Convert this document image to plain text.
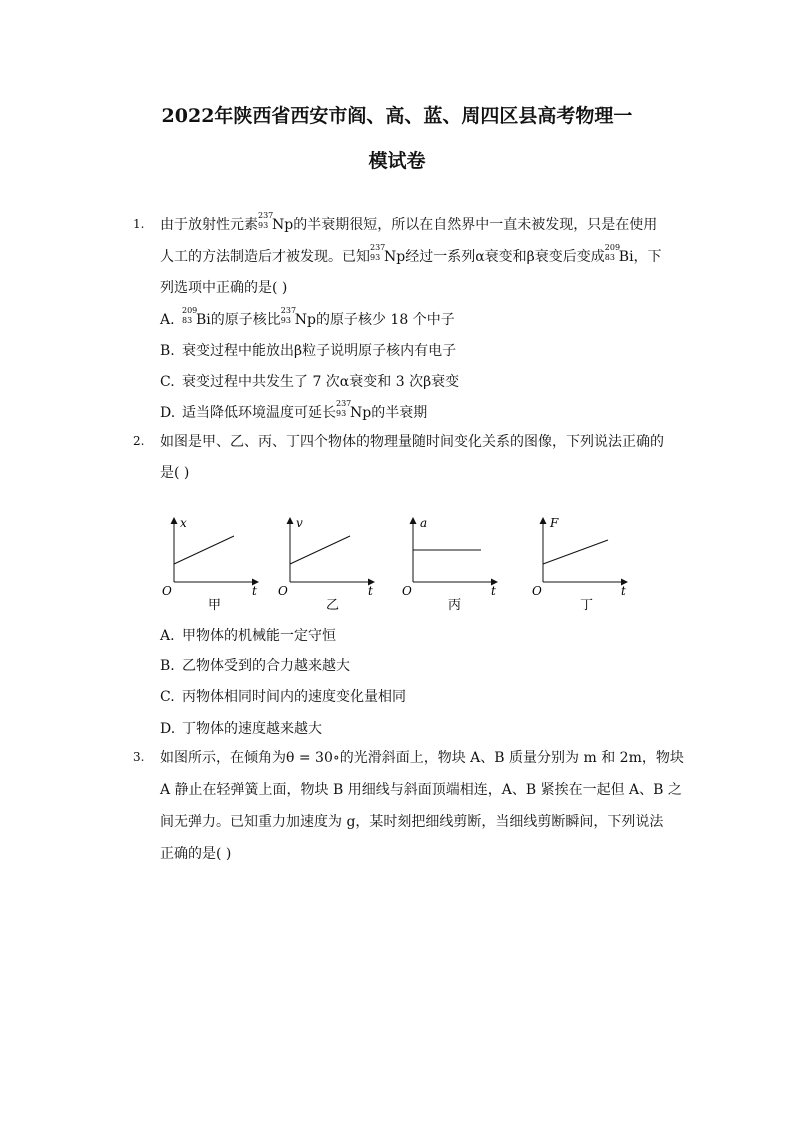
2022年陕西省西安市阎、高、蓝、周四区县高考物理一
模试卷
1. 由于放射性元素
237
93 Np的半衰期很短，所以在自然界中一直未被发现，只是在使用
人工的方法制造后才被发现。已知
237
93 Np经过一系列α衰变和β衰变后变成
209
83 Bi，下
列选项中正确的是( )
A.
209
83 Bi的原子核比
237
93 Np的原子核少 18 个中子
B. 衰变过程中能放出β粒子说明原子核内有电子
C. 衰变过程中共发生了 7 次α衰变和 3 次β衰变
D. 适当降低环境温度可延长
237
93 Np的半衰期
2. 如图是甲、乙、丙、丁四个物体的物理量随时间变化关系的图像，下列说法正确的
是( )
x
O	t
甲
v
O	t
乙
a
O	t
丙
F
O	t
丁
A. 甲物体的机械能一定守恒
B. 乙物体受到的合力越来越大
C. 丙物体相同时间内的速度变化量相同
D. 丁物体的速度越来越大
3. 如图所示，在倾角为θ = 30∘的光滑斜面上，物块 A、B 质量分别为 m 和 2m，物块
A 静止在轻弹簧上面，物块 B 用细线与斜面顶端相连，A、B 紧挨在一起但 A、B 之
间无弹力。已知重力加速度为 g，某时刻把细线剪断，当细线剪断瞬间，下列说法
正确的是( )
